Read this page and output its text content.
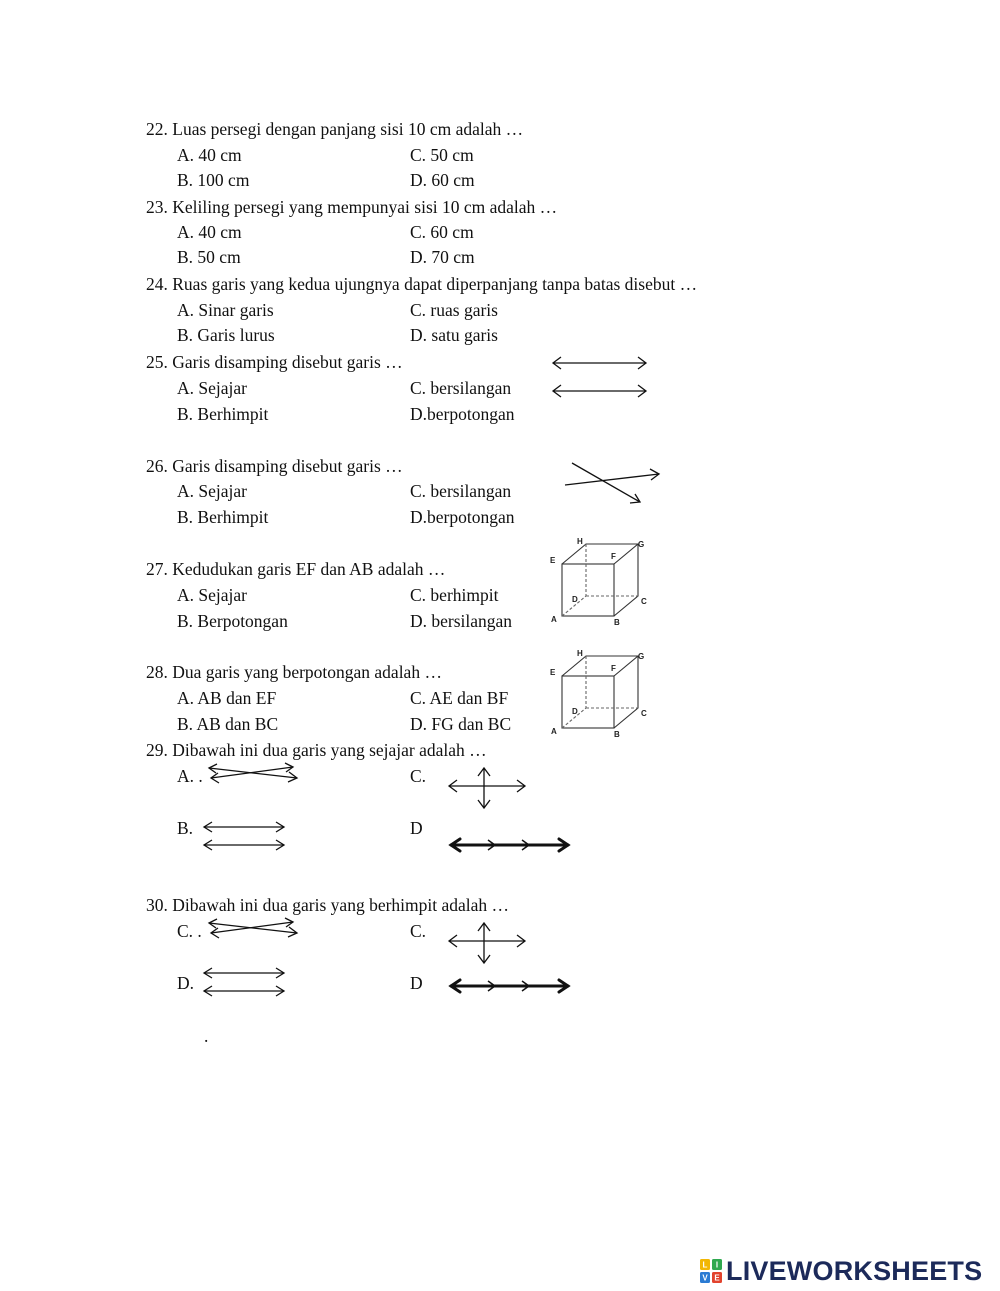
22. Luas persegi dengan panjang sisi 10 cm adalah …
A. 40 cm	C. 50 cm
B. 100 cm	D. 60 cm
23. Keliling persegi yang mempunyai sisi 10 cm adalah …
A. 40 cm	C. 60 cm
B. 50 cm	D. 70 cm
24. Ruas garis yang kedua ujungnya dapat diperpanjang tanpa batas disebut …
A. Sinar garis	C. ruas garis
B. Garis lurus	D. satu garis
25. Garis disamping disebut garis …
A. Sejajar	C. bersilangan
B. Berhimpit	D.berpotongan
26. Garis disamping disebut garis …
A. Sejajar	C. bersilangan
B. Berhimpit	D.berpotongan
27. Kedudukan garis EF dan AB adalah …
A. Sejajar	C. berhimpit
B. Berpotongan	D. bersilangan
H	G
E	F
D	C
A	B
28. Dua garis yang berpotongan adalah …
A. AB dan EF	C. AE dan BF
B. AB dan BC	D. FG dan BC
H	G
E	F
D	C
A	B
29. Dibawah ini dua garis yang sejajar adalah …
A. .	C.
B.	D
30. Dibawah ini dua garis yang berhimpit adalah …
C. .	C.
D.	D
.
L I
V E LIVEWORKSHEETS
